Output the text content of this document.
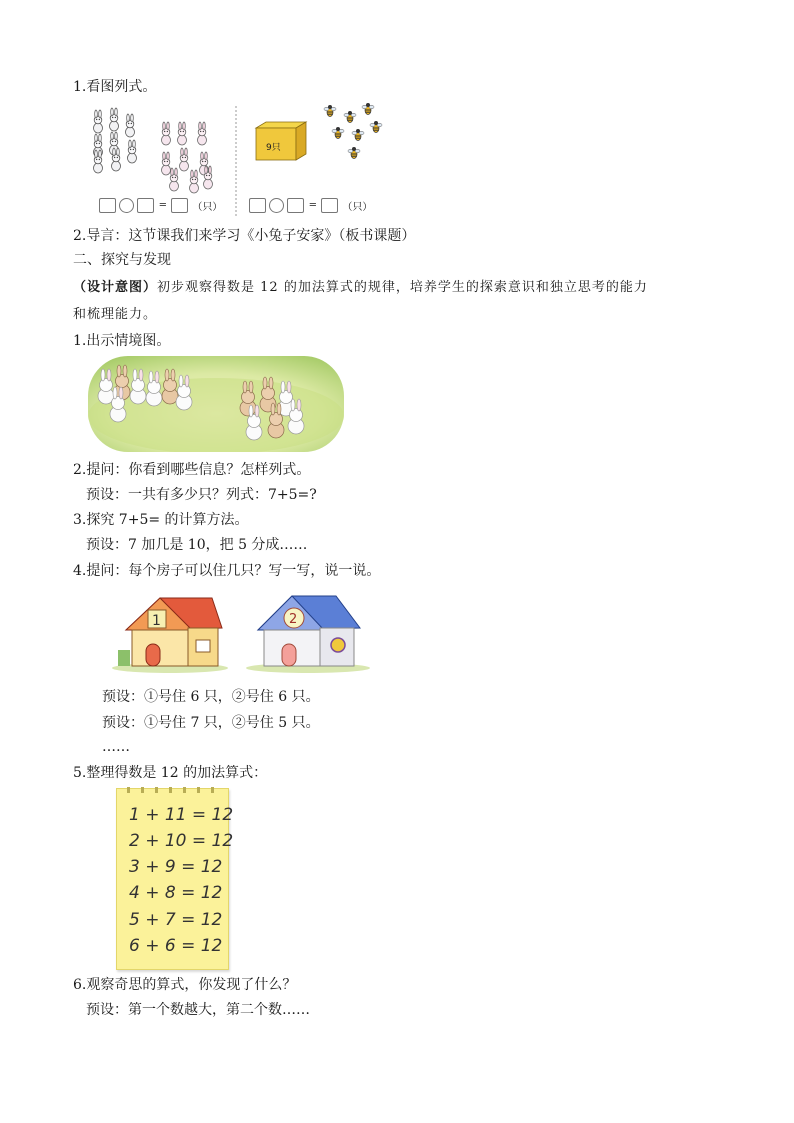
1.看图列式。
9只
=	（只）	=	（只）
2.导言：这节课我们来学习《小兔子安家》（板书课题）
二、探究与发现
（设计意图）初步观察得数是 12 的加法算式的规律，培养学生的探索意识和独立思考的能力
和梳理能力。
1.出示情境图。
2.提问：你看到哪些信息？怎样列式。
预设：一共有多少只？列式：7+5=?
3.探究 7+5= 的计算方法。
预设：7 加几是 10，把 5 分成……
4.提问：每个房子可以住几只？写一写，说一说。
1	2
预设：①号住 6 只，②号住 6 只。
预设：①号住 7 只，②号住 5 只。
……
5.整理得数是 12 的加法算式：
1 + 11 = 12
2 + 10 = 12
3 + 9 = 12
4 + 8 = 12
5 + 7 = 12
6 + 6 = 12
6.观察奇思的算式，你发现了什么？
预设：第一个数越大，第二个数……
